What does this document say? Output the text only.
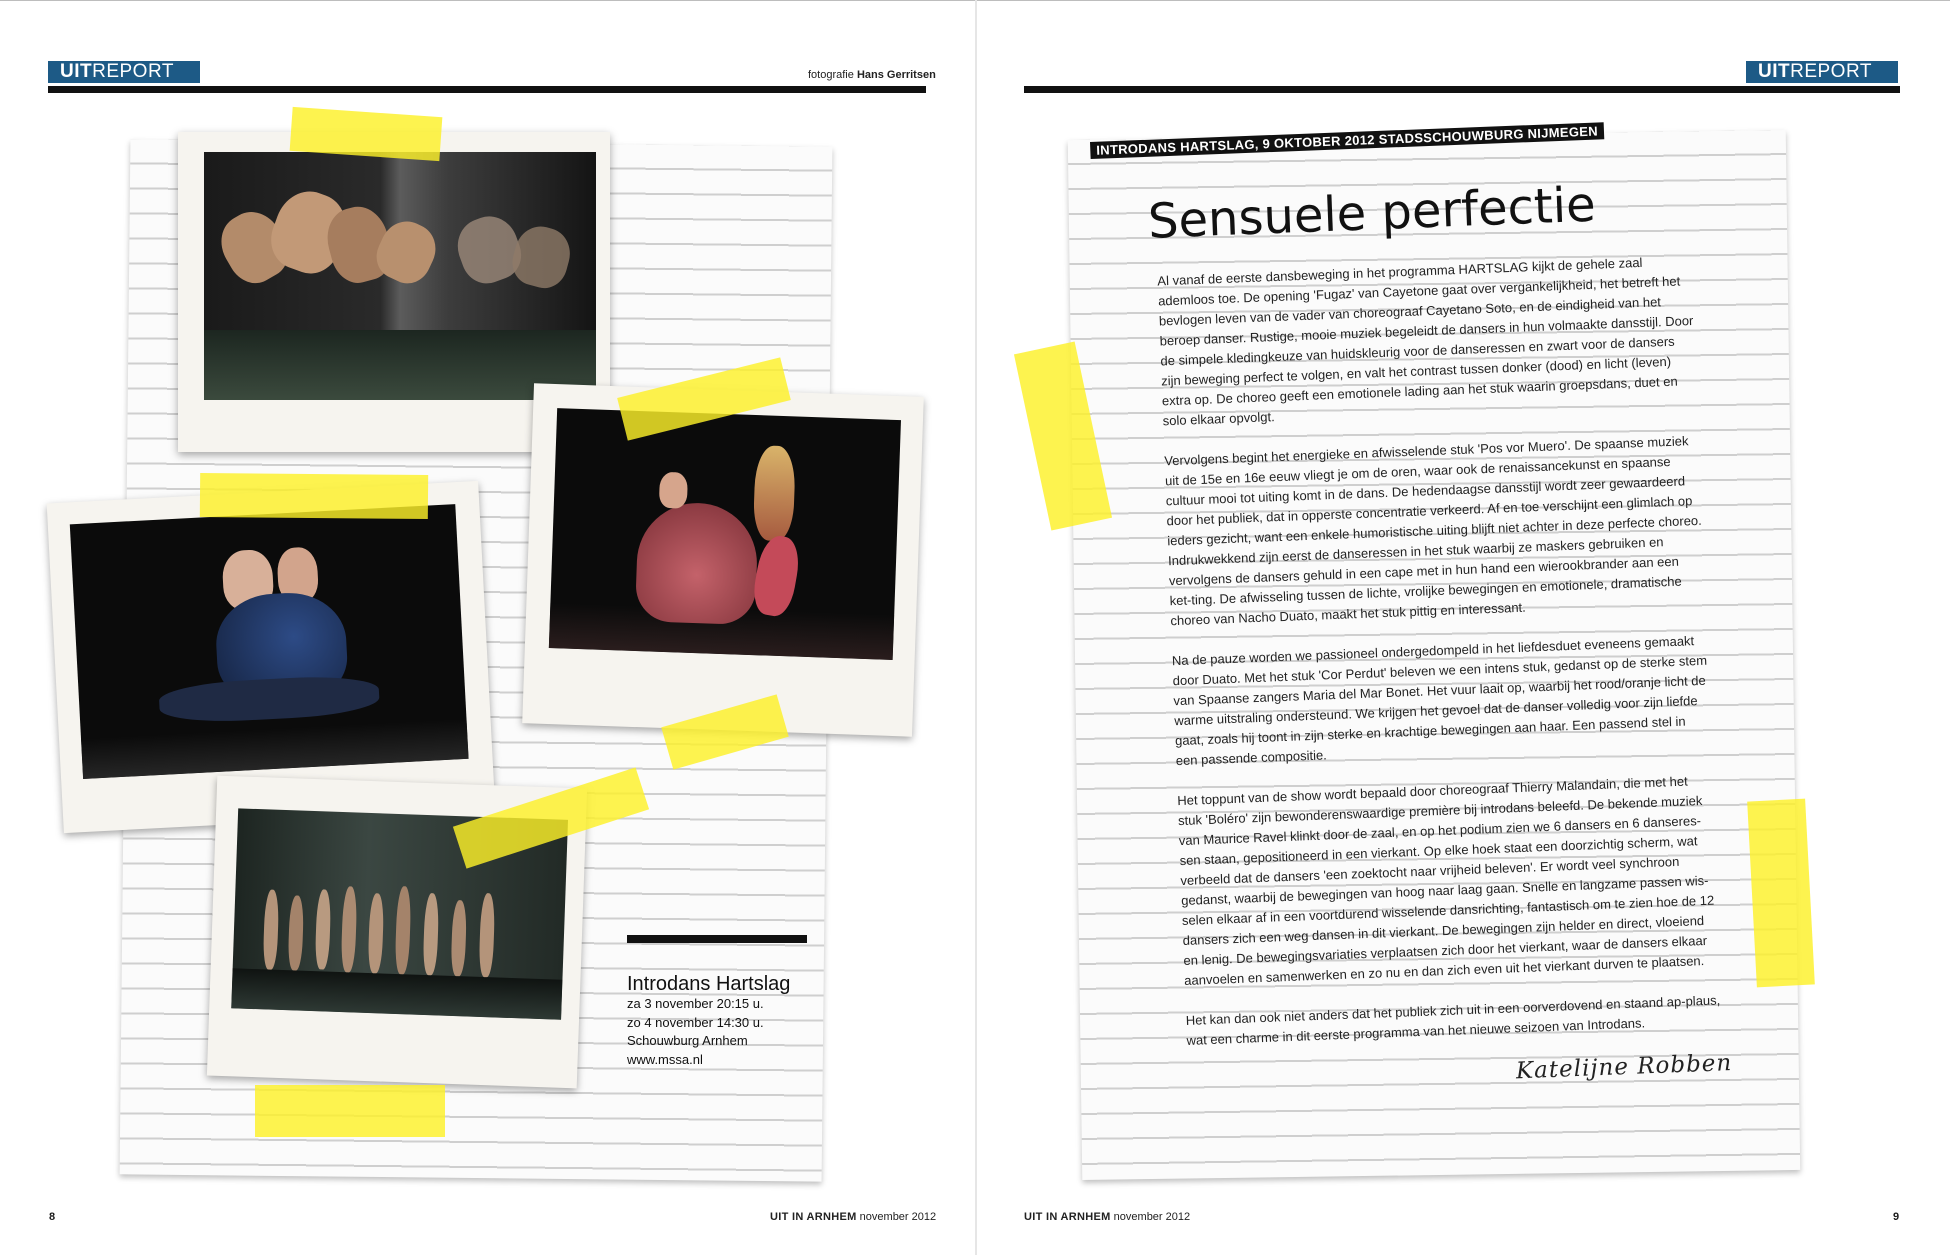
UITREPORT	fotografie Hans Gerritsen
Introdans Hartslag
za 3 november 20:15 u.
zo 4 november 14:30 u.
Schouwburg Arnhem
www.mssa.nl
8	UIT IN ARNHEM november 2012
UITREPORT
INTRODANS HARTSLAG, 9 OKTOBER 2012 STADSSCHOUWBURG NIJMEGEN
Sensuele perfectie

Al vanaf de eerste dansbeweging in het programma HARTSLAG kijkt de gehele zaal ademloos toe. De opening 'Fugaz' van Cayetone gaat over vergankelijkheid, het betreft het bevlogen leven van de vader van choreograaf Cayetano Soto, en de eindigheid van het beroep danser. Rustige, mooie muziek begeleidt de dansers in hun volmaakte dansstijl. Door de simpele kledingkeuze van huidskleurig voor de danseressen en zwart voor de dansers zijn beweging perfect te volgen, en valt het contrast tussen donker (dood) en licht (leven) extra op. De choreo geeft een emotionele lading aan het stuk waarin groepsdans, duet en solo elkaar opvolgt.

Vervolgens begint het energieke en afwisselende stuk 'Pos vor Muero'. De spaanse muziek uit de 15e en 16e eeuw vliegt je om de oren, waar ook de renaissancekunst en spaanse cultuur mooi tot uiting komt in de dans. De hedendaagse dansstijl wordt zeer gewaardeerd door het publiek, dat in opperste concentratie verkeerd. Af en toe verschijnt een glimlach op ieders gezicht, want een enkele humoristische uiting blijft niet achter in deze perfecte choreo. Indrukwekkend zijn eerst de danseressen in het stuk waarbij ze maskers gebruiken en vervolgens de dansers gehuld in een cape met in hun hand een wierookbrander aan een ket-ting. De afwisseling tussen de lichte, vrolijke bewegingen en emotionele, dramatische choreo van Nacho Duato, maakt het stuk pittig en interessant.

Na de pauze worden we passioneel ondergedompeld in het liefdesduet eveneens gemaakt door Duato. Met het stuk 'Cor Perdut' beleven we een intens stuk, gedanst op de sterke stem van Spaanse zangers Maria del Mar Bonet. Het vuur laait op, waarbij het rood/oranje licht de warme uitstraling ondersteund. We krijgen het gevoel dat de danser volledig voor zijn liefde gaat, zoals hij toont in zijn sterke en krachtige bewegingen aan haar. Een passend stel in een passende compositie.

Het toppunt van de show wordt bepaald door choreograaf Thierry Malandain, die met het stuk 'Boléro' zijn bewonderenswaardige première bij introdans beleefd. De bekende muziek van Maurice Ravel klinkt door de zaal, en op het podium zien we 6 dansers en 6 danseres-sen staan, gepositioneerd in een vierkant. Op elke hoek staat een doorzichtig scherm, wat verbeeld dat de dansers 'een zoektocht naar vrijheid beleven'. Er wordt veel synchroon gedanst, waarbij de bewegingen van hoog naar laag gaan. Snelle en langzame passen wis-selen elkaar af in een voortdurend wisselende dansrichting, fantastisch om te zien hoe de 12 dansers zich een weg dansen in dit vierkant. De bewegingen zijn helder en direct, vloeiend en lenig. De bewegingsvariaties verplaatsen zich door het vierkant, waar de dansers elkaar aanvoelen en samenwerken en zo nu en dan zich even uit het vierkant durven te plaatsen.

Het kan dan ook niet anders dat het publiek zich uit in een oorverdovend en staand ap-plaus, wat een charme in dit eerste programma van het nieuwe seizoen van Introdans.

Katelijne Robben
UIT IN ARNHEM november 2012	9
